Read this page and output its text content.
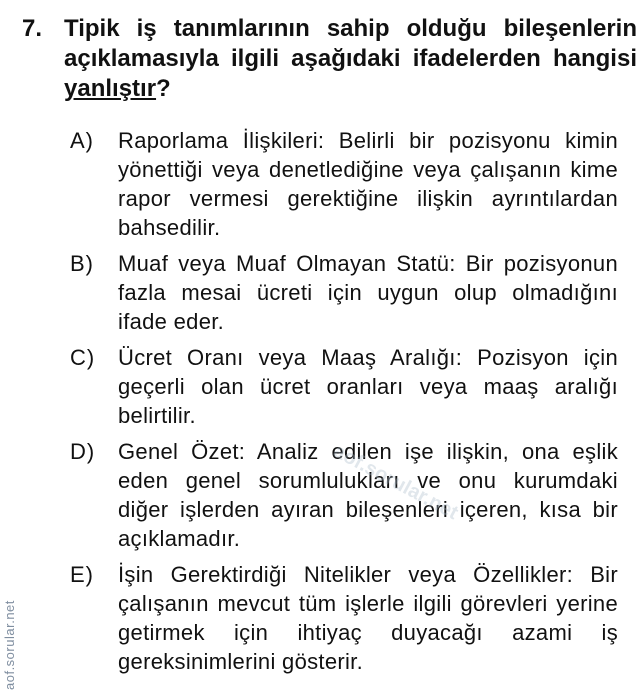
7. Tipik iş tanımlarının sahip olduğu bileşenlerin açıklamasıyla ilgili aşağıdaki ifadelerden hangisi yanlıştır?
A) Raporlama İlişkileri: Belirli bir pozisyonu kimin yönettiği veya denetlediğine veya çalışanın kime rapor vermesi gerektiğine ilişkin ayrıntılardan bahsedilir.
B) Muaf veya Muaf Olmayan Statü: Bir pozisyonun fazla mesai ücreti için uygun olup olmadığını ifade eder.
C) Ücret Oranı veya Maaş Aralığı: Pozisyon için geçerli olan ücret oranları veya maaş aralığı belirtilir.
D) Genel Özet: Analiz edilen işe ilişkin, ona eşlik eden genel sorumlulukları ve onu kurumdaki diğer işlerden ayıran bileşenleri içeren, kısa bir açıklamadır.
E) İşin Gerektirdiği Nitelikler veya Özellikler: Bir çalışanın mevcut tüm işlerle ilgili görevleri yerine getirmek için ihtiyaç duyacağı azami iş gereksinimlerini gösterir.
aof.sorular.net
aof.sorular.net
